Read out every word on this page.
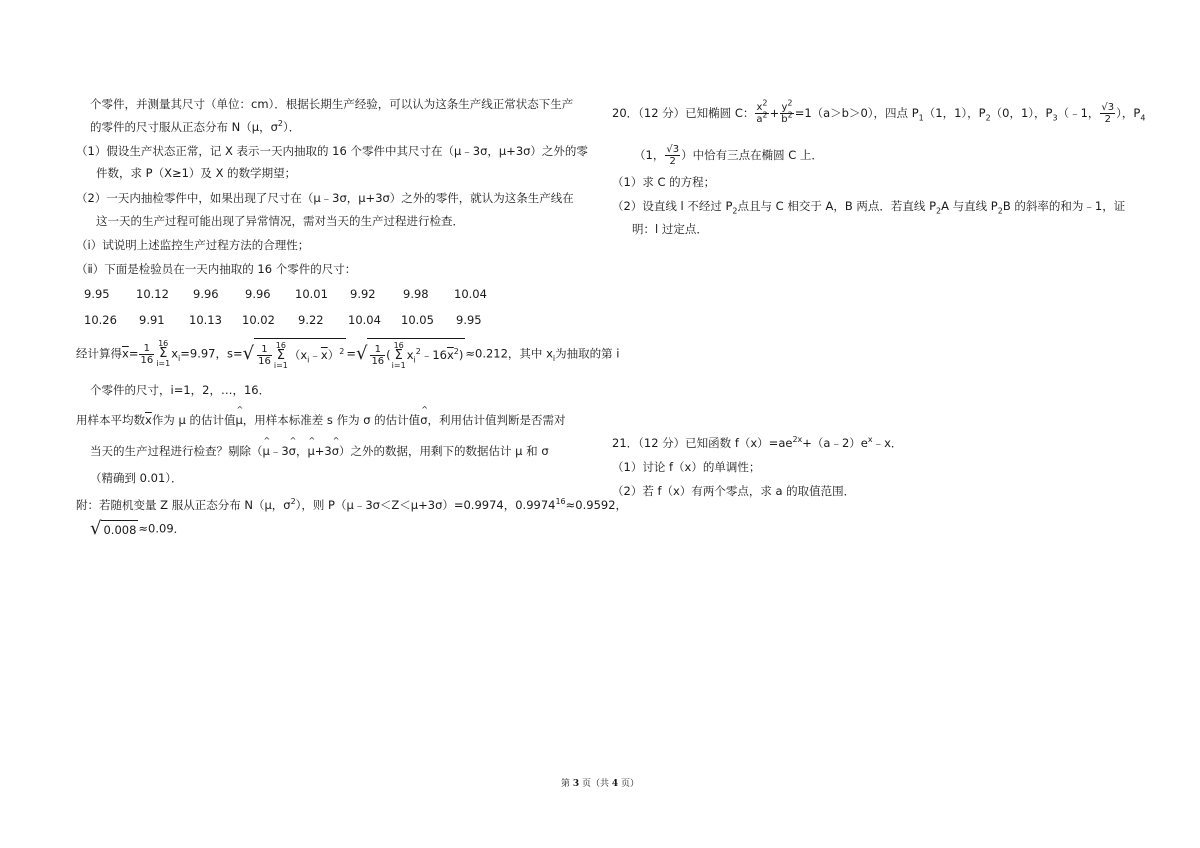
个零件，并测量其尺寸（单位：cm）．根据长期生产经验，可以认为这条生产线正常状态下生产
的零件的尺寸服从正态分布 N（μ，$\sigma^2$）．
（1）假设生产状态正常，记 X 表示一天内抽取的 16 个零件中其尺寸在（μ﹣3σ，μ+3σ）之外的零
件数，求 P（X≥1）及 X 的数学期望；
（2）一天内抽检零件中，如果出现了尺寸在（μ﹣3σ，μ+3σ）之外的零件，就认为这条生产线在
这一天的生产过程可能出现了异常情况，需对当天的生产过程进行检查．
（ⅰ）试说明上述监控生产过程方法的合理性；
（ⅱ）下面是检验员在一天内抽取的 16 个零件的尺寸：
9.95 10.12 9.96 9.96 10.01 9.92 9.98 10.04
10.26 9.91 10.13 10.02 9.22 10.04 10.05 9.95
经计算得$\overline{x}= \frac{1}{16} 16$
Σ
$i=1x_i=9.97$，$s=√ \frac{1}{16} 16$
Σ
$i=1(x_i﹣\overline{x})^2$ =√ $\frac{1}{16} (16$
Σ
$i=1x_i^2﹣16\overline{x}^2) \approx 0.212$，其中 $x_i$为抽取的第 i
个零件的尺寸，i=1，2，…，16．
用样本平均数$\overline{x}$作为 μ 的估计值^ μ，用样本标准差 s 作为 σ 的估计值^ σ，利用估计值判断是否需对
当天的生产过程进行检查？剔除（^ μ﹣3^ σ，^ μ+3^ σ）之外的数据，用剩下的数据估计 μ 和 σ
（精确到 0.01）．
附：若随机变量 Z 服从正态分布 N（μ，$\sigma^2$），则 P（μ﹣3σ＜Z＜μ+3σ）=0.9974，$0.9974^{16}\approx 0.9592$，
√ 0.008 ≈0.09．
20．（12 分）已知椭圆 C： $\frac{x^2}{a^2} + \frac{y^2}{b^2} =1(a>b>0)$，四点 $P_1(1$，1），$P_2(0$，1），$P_3(﹣1$， $\frac{√3}{2}$ ），$P_4$
（1， $\frac{√3}{2}$ ）中恰有三点在椭圆 C 上．
（1）求 C 的方程；
（2）设直线 l 不经过 $P_2$点且与 C 相交于 A，B 两点．若直线 $P_2A$ 与直线 $P_2B$ 的斜率的和为﹣1，证
明：l 过定点．
21．（12 分）已知函数 $f(x)=ae^{2x}+(a﹣2)e^x﹣x$．
（1）讨论 f（x）的单调性；
（2）若 f（x）有两个零点，求 a 的取值范围．
第 3 页（共 4 页）
